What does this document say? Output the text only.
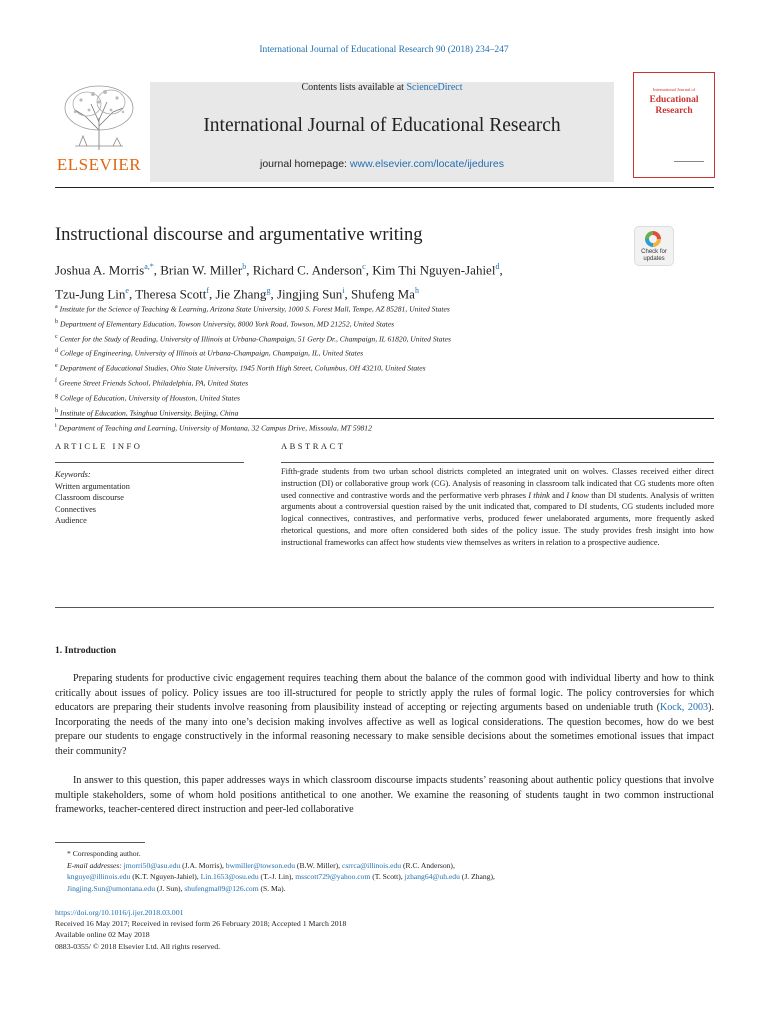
International Journal of Educational Research 90 (2018) 234–247
ELSEVIER
Contents lists available at ScienceDirect
International Journal of Educational Research
journal homepage: www.elsevier.com/locate/ijedures
International Journal of
Educational Research
Instructional discourse and argumentative writing
Check for updates
Joshua A. Morris$^{a,*}$, Brian W. Miller$^b$, Richard C. Anderson$^c$, Kim Thi Nguyen-Jahiel$^d$,
Tzu-Jung Lin$^e$, Theresa Scott$^f$, Jie Zhang$^g$, Jingjing Sun$^i$, Shufeng Ma$^h$
$^a$ Institute for the Science of Teaching & Learning, Arizona State University, 1000 S. Forest Mall, Tempe, AZ 85281, United States
$^b$ Department of Elementary Education, Towson University, 8000 York Road, Towson, MD 21252, United States
$^c$ Center for the Study of Reading, University of Illinois at Urbana-Champaign, 51 Gerty Dr., Champaign, IL 61820, United States
$^d$ College of Engineering, University of Illinois at Urbana-Champaign, Champaign, IL, United States
$^e$ Department of Educational Studies, Ohio State University, 1945 North High Street, Columbus, OH 43210, United States
$^f$ Greene Street Friends School, Philadelphia, PA, United States
$^g$ College of Education, University of Houston, United States
$^h$ Institute of Education, Tsinghua University, Beijing, China
$^i$ Department of Teaching and Learning, University of Montana, 32 Campus Drive, Missoula, MT 59812
ARTICLE INFO	ABSTRACT
Keywords:
Written argumentation
Classroom discourse
Connectives
Audience
Fifth-grade students from two urban school districts completed an integrated unit on wolves. Classes received either direct instruction (DI) or collaborative group work (CG). Analysis of reasoning in classroom talk indicated that CG students more often used connective and contrastive words and the performative verb phrases I think and I know than DI students. Analysis of written arguments about a controversial question raised by the unit indicated that, compared to DI students, CG students included more logical connectives, contrastives, and performative verbs, produced fewer unelaborated arguments, more frequently asked rhetorical questions, and more often considered both sides of the policy issue. The study provides fresh insight into how instructional frameworks can affect how students view themselves as writers in relation to a prospective audience.
1. Introduction

Preparing students for productive civic engagement requires teaching them about the balance of the common good with individual liberty and how to think critically about issues of policy. Policy issues are too ill-structured for people to strictly apply the rules of formal logic. The policy controversies for which educators are preparing their students involve reasoning from plausibility instead of accepting or rejecting arguments based on undeniable truth (Kock, 2003). Incorporating the needs of the many into one’s decision making involves affective as well as logical considerations. The question becomes, how do we best prepare our students to engage constructively in the informal reasoning necessary to make sensible decisions about the sometimes emotional issues that impact their community?

In answer to this question, this paper addresses ways in which classroom discourse impacts students’ reasoning about authentic policy questions that involve multiple stakeholders, some of whom hold positions antithetical to one another. We examine the reasoning of students taught in two common instructional frameworks, teacher-centered direct instruction and peer-led collaborative

* Corresponding author.
E-mail addresses: jmorri50@asu.edu (J.A. Morris), bwmiller@towson.edu (B.W. Miller), csrrca@illinois.edu (R.C. Anderson),
knguye@illinois.edu (K.T. Nguyen-Jahiel), Lin.1653@osu.edu (T.-J. Lin), msscott729@yahoo.com (T. Scott), jzhang64@uh.edu (J. Zhang),
Jingjing.Sun@umontana.edu (J. Sun), shufengma09@126.com (S. Ma).
https://doi.org/10.1016/j.ijer.2018.03.001
Received 16 May 2017; Received in revised form 26 February 2018; Accepted 1 March 2018
Available online 02 May 2018
0883-0355/ © 2018 Elsevier Ltd. All rights reserved.
